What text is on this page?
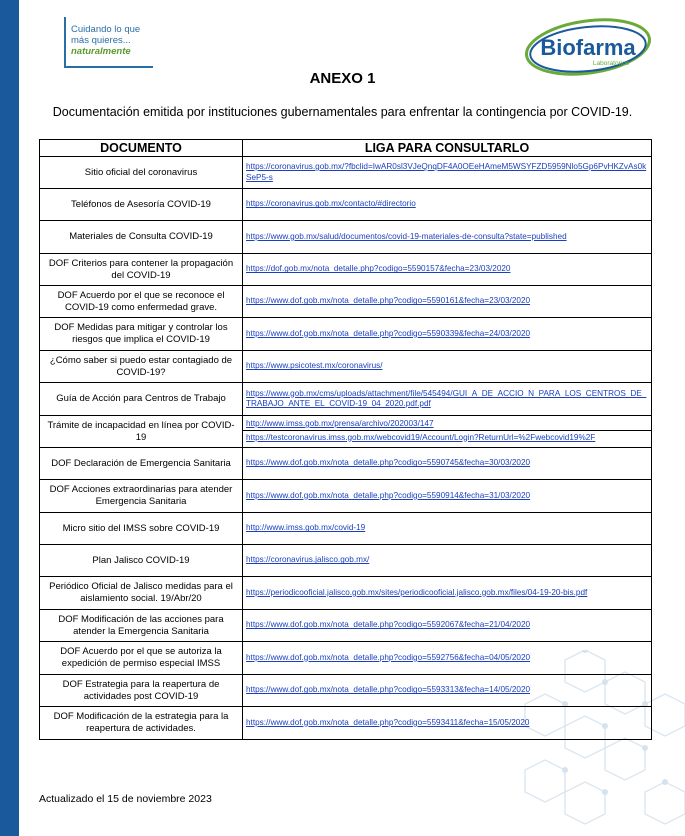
Cuidando lo que
más quieres...
naturalmente	Biofarma
Laboratorios
ANEXO 1
Documentación emitida por instituciones gubernamentales para enfrentar la contingencia por COVID-19.
DOCUMENTO	LIGA PARA CONSULTARLO
Sitio oficial del coronavirus	https://coronavirus.gob.mx/?fbclid=IwAR0sl3VJeQnqDF4A0OEeHAmeM5WSYFZD5959Nlo5Gp6PvHKZvAs0kSeP5-s

Teléfonos de Asesoría COVID-19	https://coronavirus.gob.mx/contacto/#directorio

Materiales de Consulta COVID-19	https://www.gob.mx/salud/documentos/covid-19-materiales-de-consulta?state=published

DOF Criterios para contener la propagación del COVID-19	https://dof.gob.mx/nota_detalle.php?codigo=5590157&fecha=23/03/2020

DOF Acuerdo por el que se reconoce el COVID-19 como enfermedad grave.	https://www.dof.gob.mx/nota_detalle.php?codigo=5590161&fecha=23/03/2020

DOF Medidas para mitigar y controlar los riesgos que implica el COVID-19	https://www.dof.gob.mx/nota_detalle.php?codigo=5590339&fecha=24/03/2020

¿Cómo saber si puedo estar contagiado de COVID-19?	https://www.psicotest.mx/coronavirus/

Guía de Acción para Centros de Trabajo	https://www.gob.mx/cms/uploads/attachment/file/545494/GUI_A_DE_ACCIO_N_PARA_LOS_CENTROS_DE_TRABAJO_ANTE_EL_COVID-19_04_2020.pdf.pdf

Trámite de incapacidad en línea por COVID-19	http://www.imss.gob.mx/prensa/archivo/202003/147
https://testcoronavirus.imss.gob.mx/webcovid19/Account/Login?ReturnUrl=%2Fwebcovid19%2F

DOF Declaración de Emergencia Sanitaria	https://www.dof.gob.mx/nota_detalle.php?codigo=5590745&fecha=30/03/2020

DOF Acciones extraordinarias para atender Emergencia Sanitaria	https://www.dof.gob.mx/nota_detalle.php?codigo=5590914&fecha=31/03/2020

Micro sitio del IMSS sobre COVID-19	http://www.imss.gob.mx/covid-19

Plan Jalisco COVID-19	https://coronavirus.jalisco.gob.mx/

Periódico Oficial de Jalisco medidas para el aislamiento social. 19/Abr/20	https://periodicooficial.jalisco.gob.mx/sites/periodicooficial.jalisco.gob.mx/files/04-19-20-bis.pdf

DOF Modificación de las acciones para atender la Emergencia Sanitaria	https://www.dof.gob.mx/nota_detalle.php?codigo=5592067&fecha=21/04/2020

DOF Acuerdo por el que se autoriza la expedición de permiso especial IMSS	https://www.dof.gob.mx/nota_detalle.php?codigo=5592756&fecha=04/05/2020

DOF Estrategia para la reapertura de actividades post COVID-19	https://www.dof.gob.mx/nota_detalle.php?codigo=5593313&fecha=14/05/2020

DOF Modificación de la estrategia para la reapertura de actividades.	https://www.dof.gob.mx/nota_detalle.php?codigo=5593411&fecha=15/05/2020
Actualizado el 15 de noviembre 2023
